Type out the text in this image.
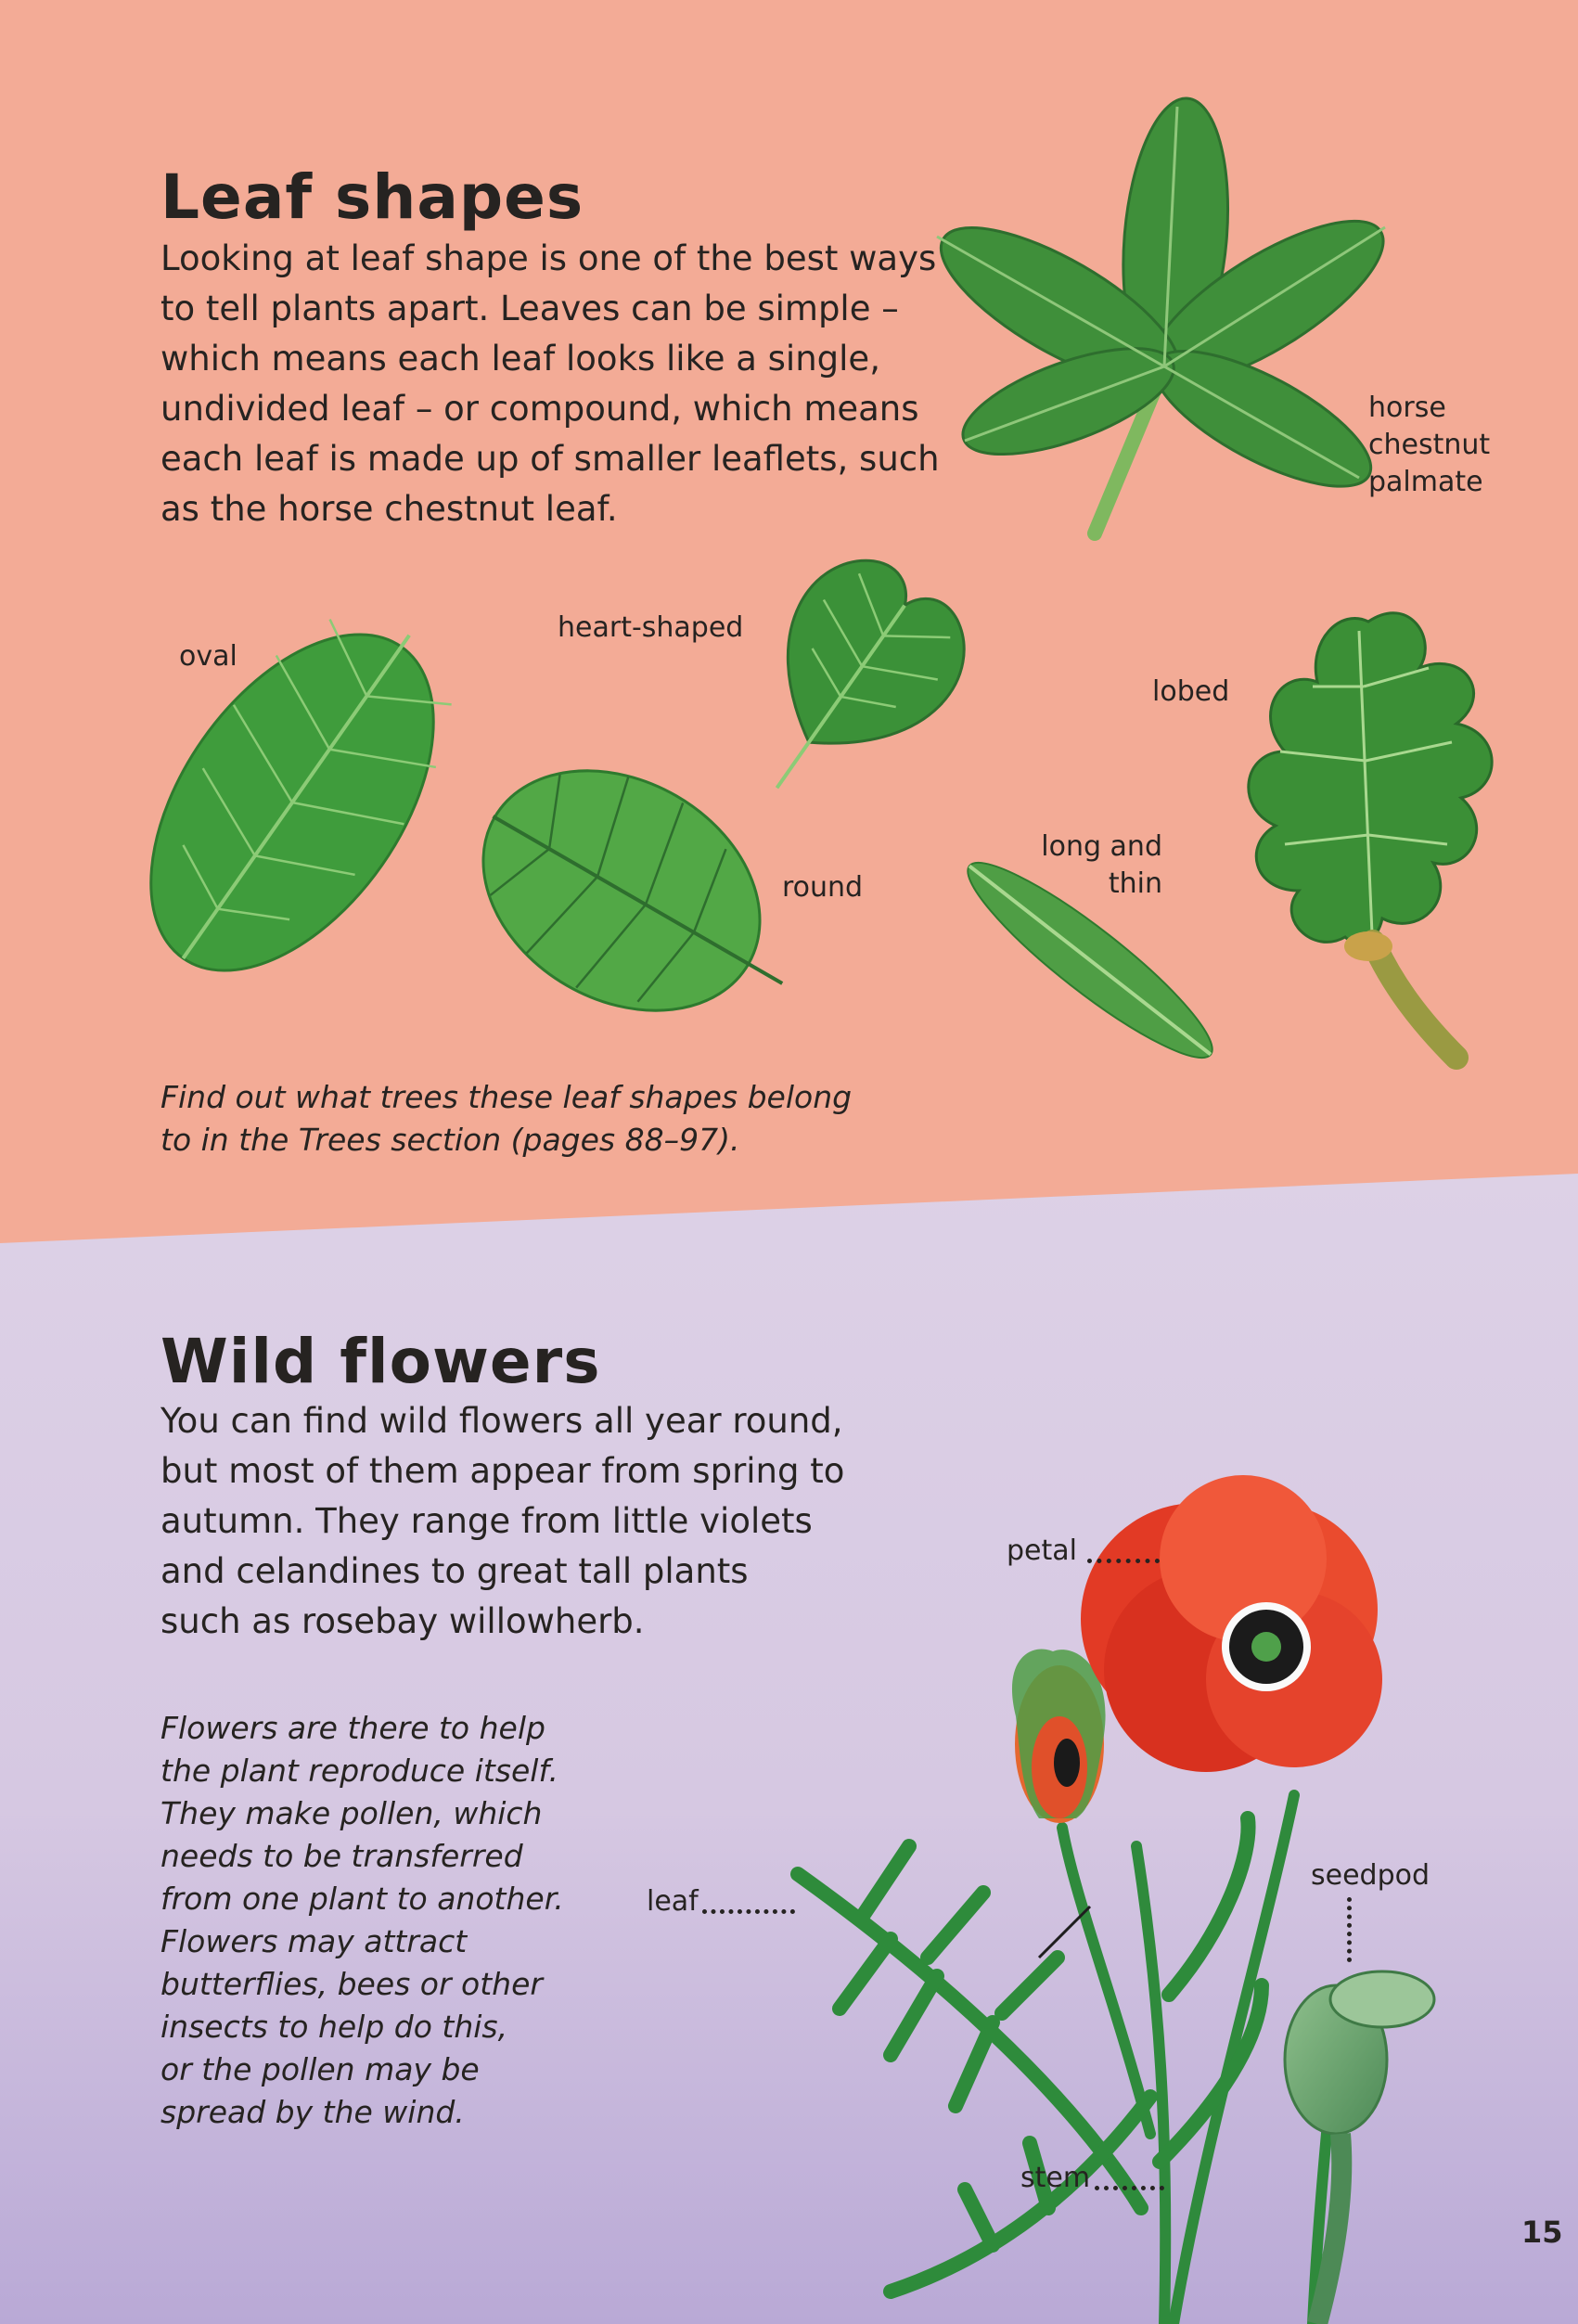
Leaf shapes
Looking at leaf shape is one of the best ways
to tell plants apart. Leaves can be simple –
which means each leaf looks like a single,
undivided leaf – or compound, which means
each leaf is made up of smaller leaflets, such
as the horse chestnut leaf.
horse
chestnut
palmate
oval
heart-shaped
round
lobed
long and
thin
Find out what trees these leaf shapes belong
to in the Trees section (pages 88–97).
Wild flowers
You can find wild flowers all year round,
but most of them appear from spring to
autumn. They range from little violets
and celandines to great tall plants
such as rosebay willowherb.
Flowers are there to help
the plant reproduce itself.
They make pollen, which
needs to be transferred
from one plant to another.
Flowers may attract
butterflies, bees or other
insects to help do this,
or the pollen may be
spread by the wind.
petal
leaf
seedpod
stem
15
